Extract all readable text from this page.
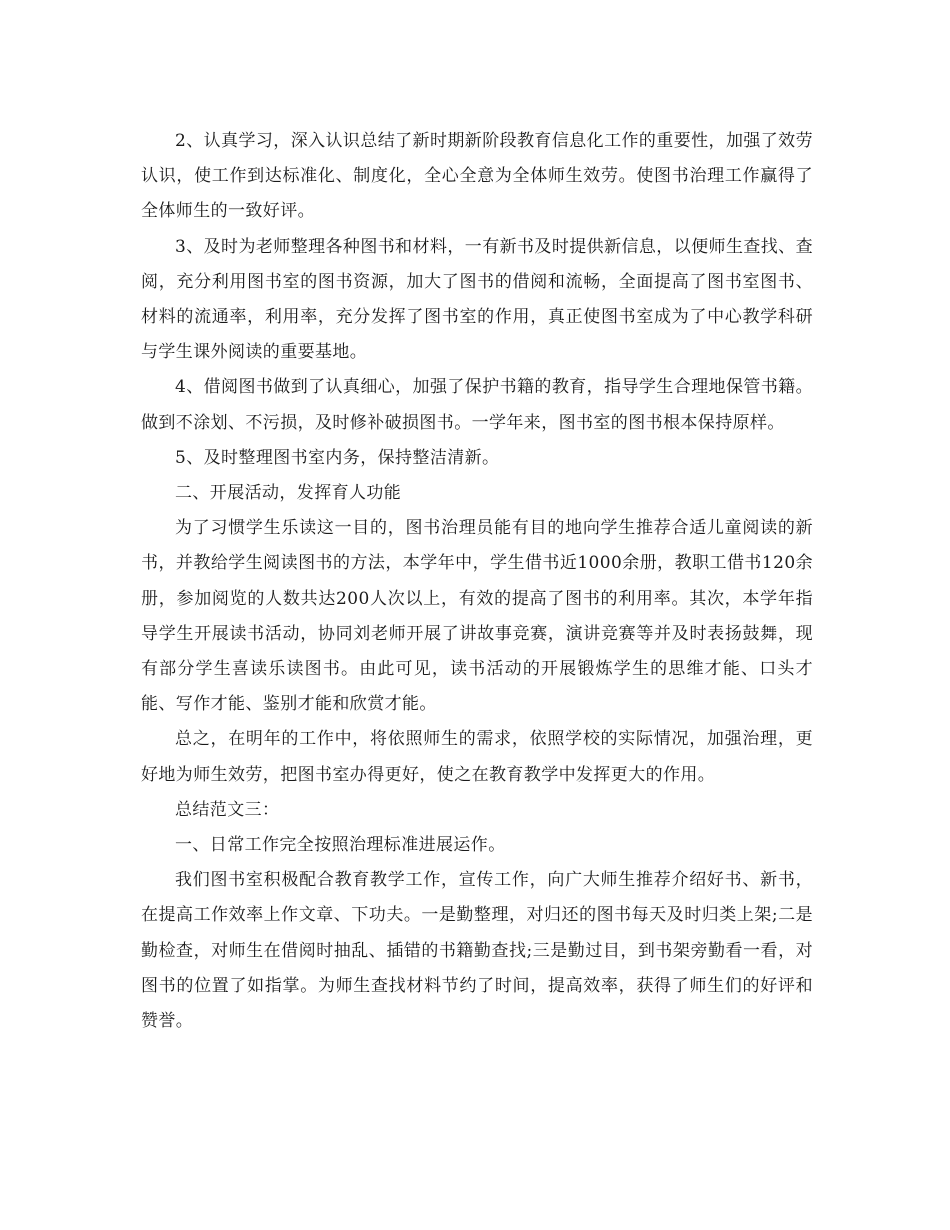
2、认真学习，深入认识总结了新时期新阶段教育信息化工作的重要性，加强了效劳认识，使工作到达标准化、制度化，全心全意为全体师生效劳。使图书治理工作赢得了全体师生的一致好评。

3、及时为老师整理各种图书和材料，一有新书及时提供新信息，以便师生查找、查阅，充分利用图书室的图书资源，加大了图书的借阅和流畅，全面提高了图书室图书、材料的流通率，利用率，充分发挥了图书室的作用，真正使图书室成为了中心教学科研与学生课外阅读的重要基地。

4、借阅图书做到了认真细心，加强了保护书籍的教育，指导学生合理地保管书籍。做到不涂划、不污损，及时修补破损图书。一学年来，图书室的图书根本保持原样。

5、及时整理图书室内务，保持整洁清新。

二、开展活动，发挥育人功能

为了习惯学生乐读这一目的，图书治理员能有目的地向学生推荐合适儿童阅读的新书，并教给学生阅读图书的方法，本学年中，学生借书近1000余册，教职工借书120余册，参加阅览的人数共达200人次以上，有效的提高了图书的利用率。其次，本学年指导学生开展读书活动，协同刘老师开展了讲故事竞赛，演讲竞赛等并及时表扬鼓舞，现有部分学生喜读乐读图书。由此可见，读书活动的开展锻炼学生的思维才能、口头才能、写作才能、鉴别才能和欣赏才能。

总之，在明年的工作中，将依照师生的需求，依照学校的实际情况，加强治理，更好地为师生效劳，把图书室办得更好，使之在教育教学中发挥更大的作用。

总结范文三：

一、日常工作完全按照治理标准进展运作。

我们图书室积极配合教育教学工作，宣传工作，向广大师生推荐介绍好书、新书，在提高工作效率上作文章、下功夫。一是勤整理，对归还的图书每天及时归类上架;二是勤检查，对师生在借阅时抽乱、插错的书籍勤查找;三是勤过目，到书架旁勤看一看，对图书的位置了如指掌。为师生查找材料节约了时间，提高效率，获得了师生们的好评和赞誉。
